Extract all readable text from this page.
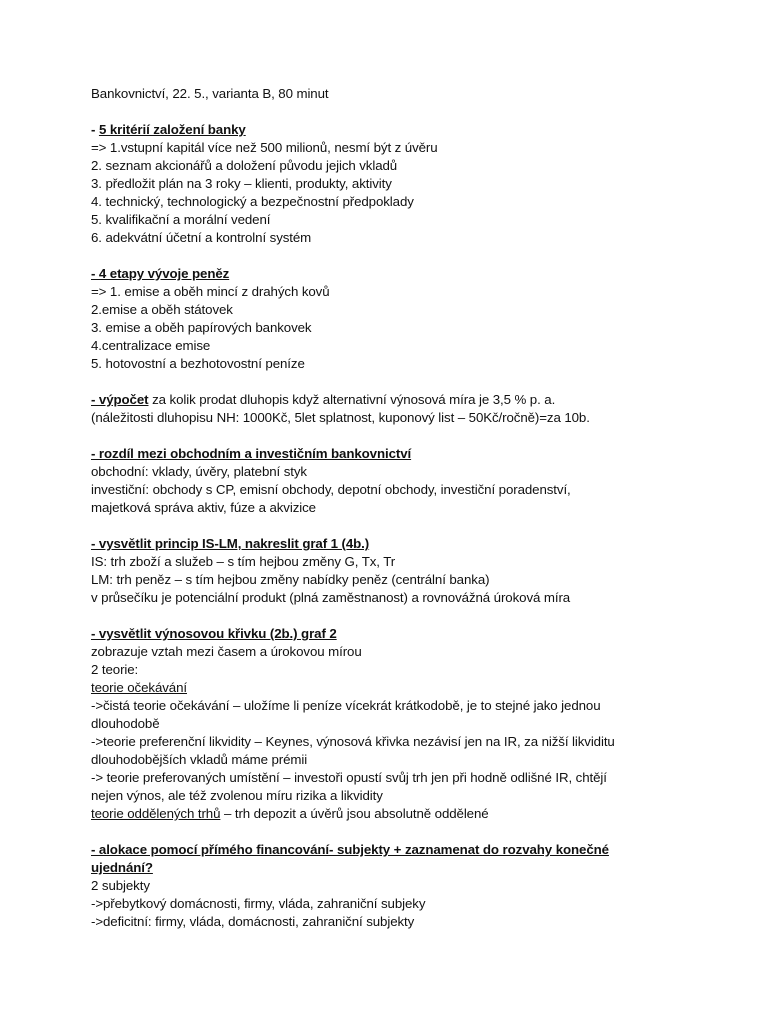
Bankovnictví, 22. 5., varianta B, 80 minut

- 5 kritérií založení banky

=> 1.vstupní kapitál více než 500 milionů, nesmí být z úvěru

2. seznam akcionářů a doložení původu jejich vkladů

3. předložit plán na 3 roky – klienti, produkty, aktivity

4. technický, technologický a bezpečnostní předpoklady

5. kvalifikační a morální vedení

6. adekvátní účetní a kontrolní systém

- 4 etapy vývoje peněz

=> 1. emise a oběh mincí z drahých kovů

2.emise a oběh státovek

3. emise a oběh papírových bankovek

4.centralizace emise

5. hotovostní a bezhotovostní peníze

- výpočet za kolik prodat dluhopis když alternativní výnosová míra je 3,5 % p. a.

(náležitosti dluhopisu NH: 1000Kč, 5let splatnost, kuponový list – 50Kč/ročně)=za 10b.

- rozdíl mezi obchodním a investičním bankovnictví

obchodní: vklady, úvěry, platební styk

investiční: obchody s CP, emisní obchody, depotní obchody, investiční poradenství,

majetková správa aktiv, fúze a akvizice

- vysvětlit princip IS-LM, nakreslit graf 1 (4b.)

IS: trh zboží a služeb – s tím hejbou změny G, Tx, Tr

LM: trh peněz – s tím hejbou změny nabídky peněz (centrální banka)

v průsečíku je potenciální produkt (plná zaměstnanost) a rovnovážná úroková míra

- vysvětlit výnosovou křivku (2b.) graf 2

zobrazuje vztah mezi časem a úrokovou mírou

2 teorie:

teorie očekávání

->čistá teorie očekávání – uložíme li peníze vícekrát krátkodobě, je to stejné jako jednou

dlouhodobě

->teorie preferenční likvidity – Keynes, výnosová křivka nezávisí jen na IR, za nižší likviditu

dlouhodobějších vkladů máme prémii

-> teorie preferovaných umístění – investoři opustí svůj trh jen při hodně odlišné IR, chtějí

nejen výnos, ale též zvolenou míru rizika a likvidity

teorie oddělených trhů – trh depozit a úvěrů jsou absolutně oddělené

- alokace pomocí přímého financování- subjekty + zaznamenat do rozvahy konečné

ujednání?

2 subjekty

->přebytkový domácnosti, firmy, vláda, zahraniční subjeky

->deficitní: firmy, vláda, domácnosti, zahraniční subjekty
